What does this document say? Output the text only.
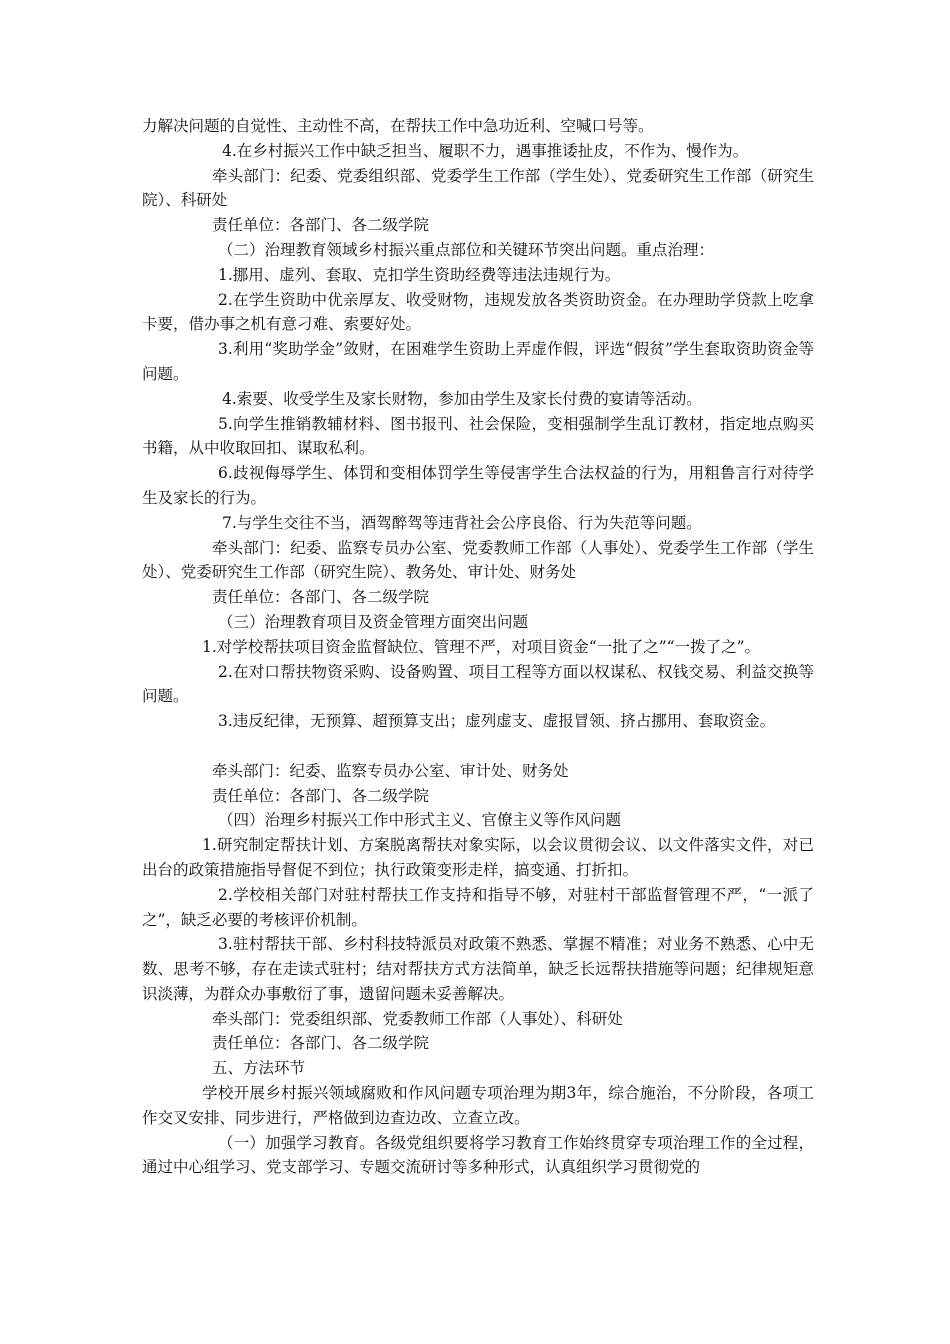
力解决问题的自觉性、主动性不高，在帮扶工作中急功近利、空喊口号等。

4.在乡村振兴工作中缺乏担当、履职不力，遇事推诿扯皮，不作为、慢作为。

牵头部门：纪委、党委组织部、党委学生工作部（学生处）、党委研究生工作部（研究生院）、科研处

责任单位：各部门、各二级学院

（二）治理教育领域乡村振兴重点部位和关键环节突出问题。重点治理：

1.挪用、虚列、套取、克扣学生资助经费等违法违规行为。

2.在学生资助中优亲厚友、收受财物，违规发放各类资助资金。在办理助学贷款上吃拿卡要，借办事之机有意刁难、索要好处。

3.利用“奖助学金”敛财，在困难学生资助上弄虚作假，评选“假贫”学生套取资助资金等问题。

4.索要、收受学生及家长财物，参加由学生及家长付费的宴请等活动。

5.向学生推销教辅材料、图书报刊、社会保险，变相强制学生乱订教材，指定地点购买书籍，从中收取回扣、谋取私利。

6.歧视侮辱学生、体罚和变相体罚学生等侵害学生合法权益的行为，用粗鲁言行对待学生及家长的行为。

7.与学生交往不当，酒驾醉驾等违背社会公序良俗、行为失范等问题。

牵头部门：纪委、监察专员办公室、党委教师工作部（人事处）、党委学生工作部（学生处）、党委研究生工作部（研究生院）、教务处、审计处、财务处

责任单位：各部门、各二级学院

（三）治理教育项目及资金管理方面突出问题

1.对学校帮扶项目资金监督缺位、管理不严，对项目资金“一批了之”“一拨了之”。

2.在对口帮扶物资采购、设备购置、项目工程等方面以权谋私、权钱交易、利益交换等问题。

3.违反纪律，无预算、超预算支出；虚列虚支、虚报冒领、挤占挪用、套取资金。

牵头部门：纪委、监察专员办公室、审计处、财务处

责任单位：各部门、各二级学院

（四）治理乡村振兴工作中形式主义、官僚主义等作风问题

1.研究制定帮扶计划、方案脱离帮扶对象实际，以会议贯彻会议、以文件落实文件，对已出台的政策措施指导督促不到位；执行政策变形走样，搞变通、打折扣。

2.学校相关部门对驻村帮扶工作支持和指导不够，对驻村干部监督管理不严，“一派了之”，缺乏必要的考核评价机制。

3.驻村帮扶干部、乡村科技特派员对政策不熟悉、掌握不精准；对业务不熟悉、心中无数、思考不够，存在走读式驻村；结对帮扶方式方法简单，缺乏长远帮扶措施等问题；纪律规矩意识淡薄，为群众办事敷衍了事，遗留问题未妥善解决。

牵头部门：党委组织部、党委教师工作部（人事处）、科研处

责任单位：各部门、各二级学院

五、方法环节

学校开展乡村振兴领域腐败和作风问题专项治理为期3年，综合施治，不分阶段，各项工作交叉安排、同步进行，严格做到边查边改、立查立改。

（一）加强学习教育。各级党组织要将学习教育工作始终贯穿专项治理工作的全过程，通过中心组学习、党支部学习、专题交流研讨等多种形式，认真组织学习贯彻党的
